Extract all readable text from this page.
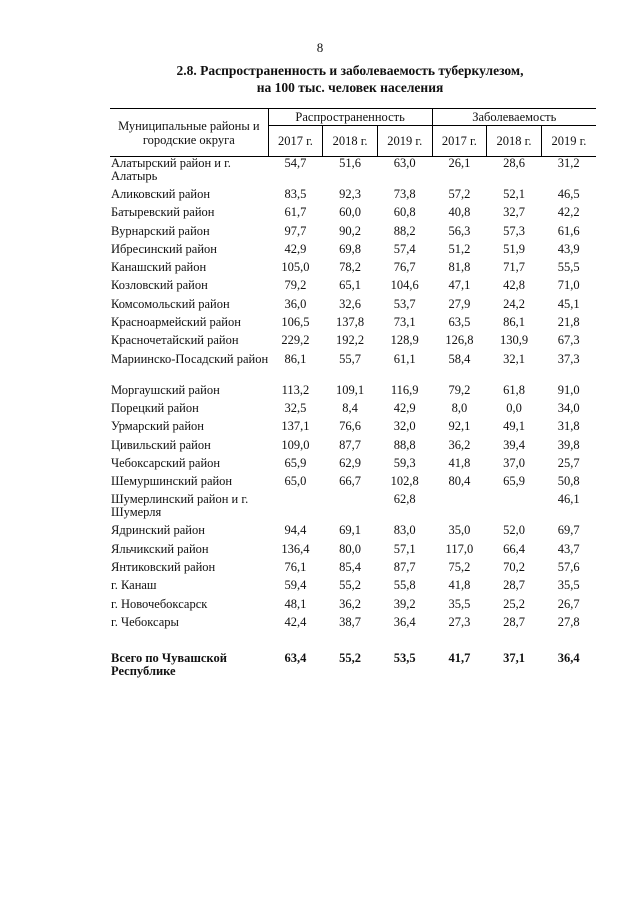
8
2.8. Распространенность и заболеваемость туберкулезом,
на 100 тыс. человек населения
Муниципальные районы и городские округа	Распространенность			Заболеваемость		
	2017 г.	2018 г.	2019 г.	2017 г.	2018 г.	2019 г.
Алатырский район и г. Алатырь	54,7	51,6	63,0	26,1	28,6	31,2
Аликовский район	83,5	92,3	73,8	57,2	52,1	46,5
Батыревский район	61,7	60,0	60,8	40,8	32,7	42,2
Вурнарский район	97,7	90,2	88,2	56,3	57,3	61,6
Ибресинский район	42,9	69,8	57,4	51,2	51,9	43,9
Канашский район	105,0	78,2	76,7	81,8	71,7	55,5
Козловский район	79,2	65,1	104,6	47,1	42,8	71,0
Комсомольский район	36,0	32,6	53,7	27,9	24,2	45,1
Красноармейский район	106,5	137,8	73,1	63,5	86,1	21,8
Красночетайский район	229,2	192,2	128,9	126,8	130,9	67,3
Мариинско-Посадский район	86,1	55,7	61,1	58,4	32,1	37,3
Моргаушский район	113,2	109,1	116,9	79,2	61,8	91,0
Порецкий район	32,5	8,4	42,9	8,0	0,0	34,0
Урмарский район	137,1	76,6	32,0	92,1	49,1	31,8
Цивильский район	109,0	87,7	88,8	36,2	39,4	39,8
Чебоксарский район	65,9	62,9	59,3	41,8	37,0	25,7
Шемуршинский район	65,0	66,7	102,8	80,4	65,9	50,8
Шумерлинский район и г. Шумерля			62,8			46,1
Ядринский район	94,4	69,1	83,0	35,0	52,0	69,7
Яльчикский район	136,4	80,0	57,1	117,0	66,4	43,7
Янтиковский район	76,1	85,4	87,7	75,2	70,2	57,6
г. Канаш	59,4	55,2	55,8	41,8	28,7	35,5
г. Новочебоксарск	48,1	36,2	39,2	35,5	25,2	26,7
г. Чебоксары	42,4	38,7	36,4	27,3	28,7	27,8

Всего по Чувашской Республике	63,4	55,2	53,5	41,7	37,1	36,4
